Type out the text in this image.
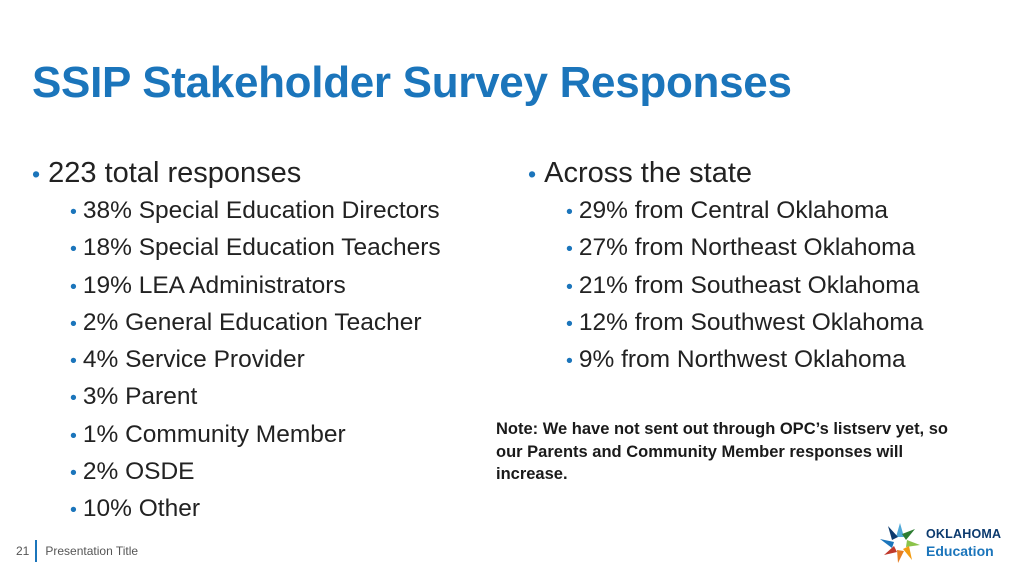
SSIP Stakeholder Survey Responses
• 223 total responses
• 38% Special Education Directors
• 18% Special Education Teachers
• 19% LEA Administrators
• 2% General Education Teacher
• 4% Service Provider
• 3% Parent
• 1% Community Member
• 2% OSDE
• 10% Other
• Across the state
• 29% from Central Oklahoma
• 27% from Northeast Oklahoma
• 21% from Southeast Oklahoma
• 12% from Southwest Oklahoma
• 9% from Northwest Oklahoma
Note: We have not sent out through OPC’s listserv yet, so our Parents and Community Member responses will increase.
21 Presentation Title
OKLAHOMA
Education
